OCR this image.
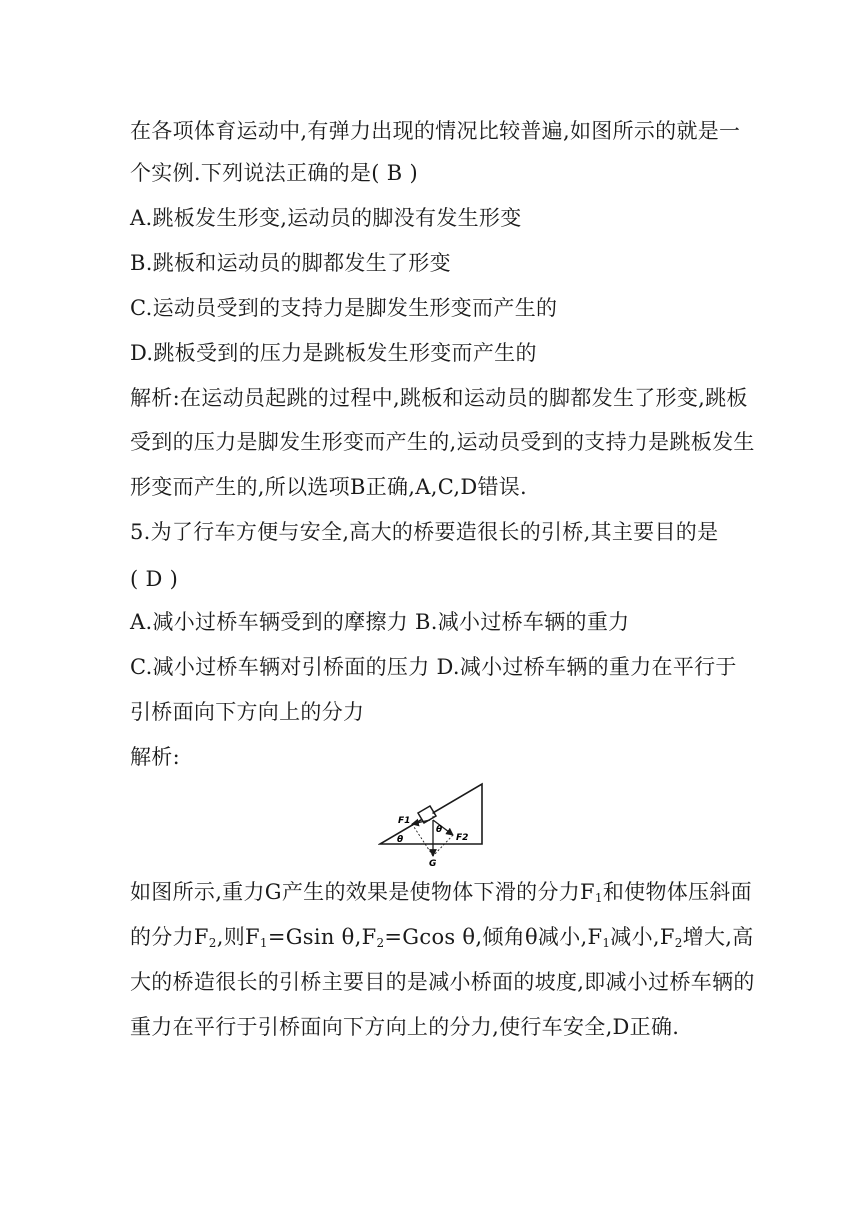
在各项体育运动中,有弹力出现的情况比较普遍,如图所示的就是一
个实例.下列说法正确的是( B )
A.跳板发生形变,运动员的脚没有发生形变
B.跳板和运动员的脚都发生了形变
C.运动员受到的支持力是脚发生形变而产生的
D.跳板受到的压力是跳板发生形变而产生的
解析:在运动员起跳的过程中,跳板和运动员的脚都发生了形变,跳板
受到的压力是脚发生形变而产生的,运动员受到的支持力是跳板发生
形变而产生的,所以选项B正确,A,C,D错误.
5.为了行车方便与安全,高大的桥要造很长的引桥,其主要目的是
( D )
A.减小过桥车辆受到的摩擦力 B.减小过桥车辆的重力
C.减小过桥车辆对引桥面的压力 D.减小过桥车辆的重力在平行于
引桥面向下方向上的分力
解析:
F1
F2
G
θ
θ
如图所示,重力G产生的效果是使物体下滑的分力$F_1$和使物体压斜面
的分力$F_2$,则$F_1=Gsin$ $\theta,F_2=Gcos$ θ,倾角θ减小$,F_1$减小$,F_2$增大,高
大的桥造很长的引桥主要目的是减小桥面的坡度,即减小过桥车辆的
重力在平行于引桥面向下方向上的分力,使行车安全,D正确.
